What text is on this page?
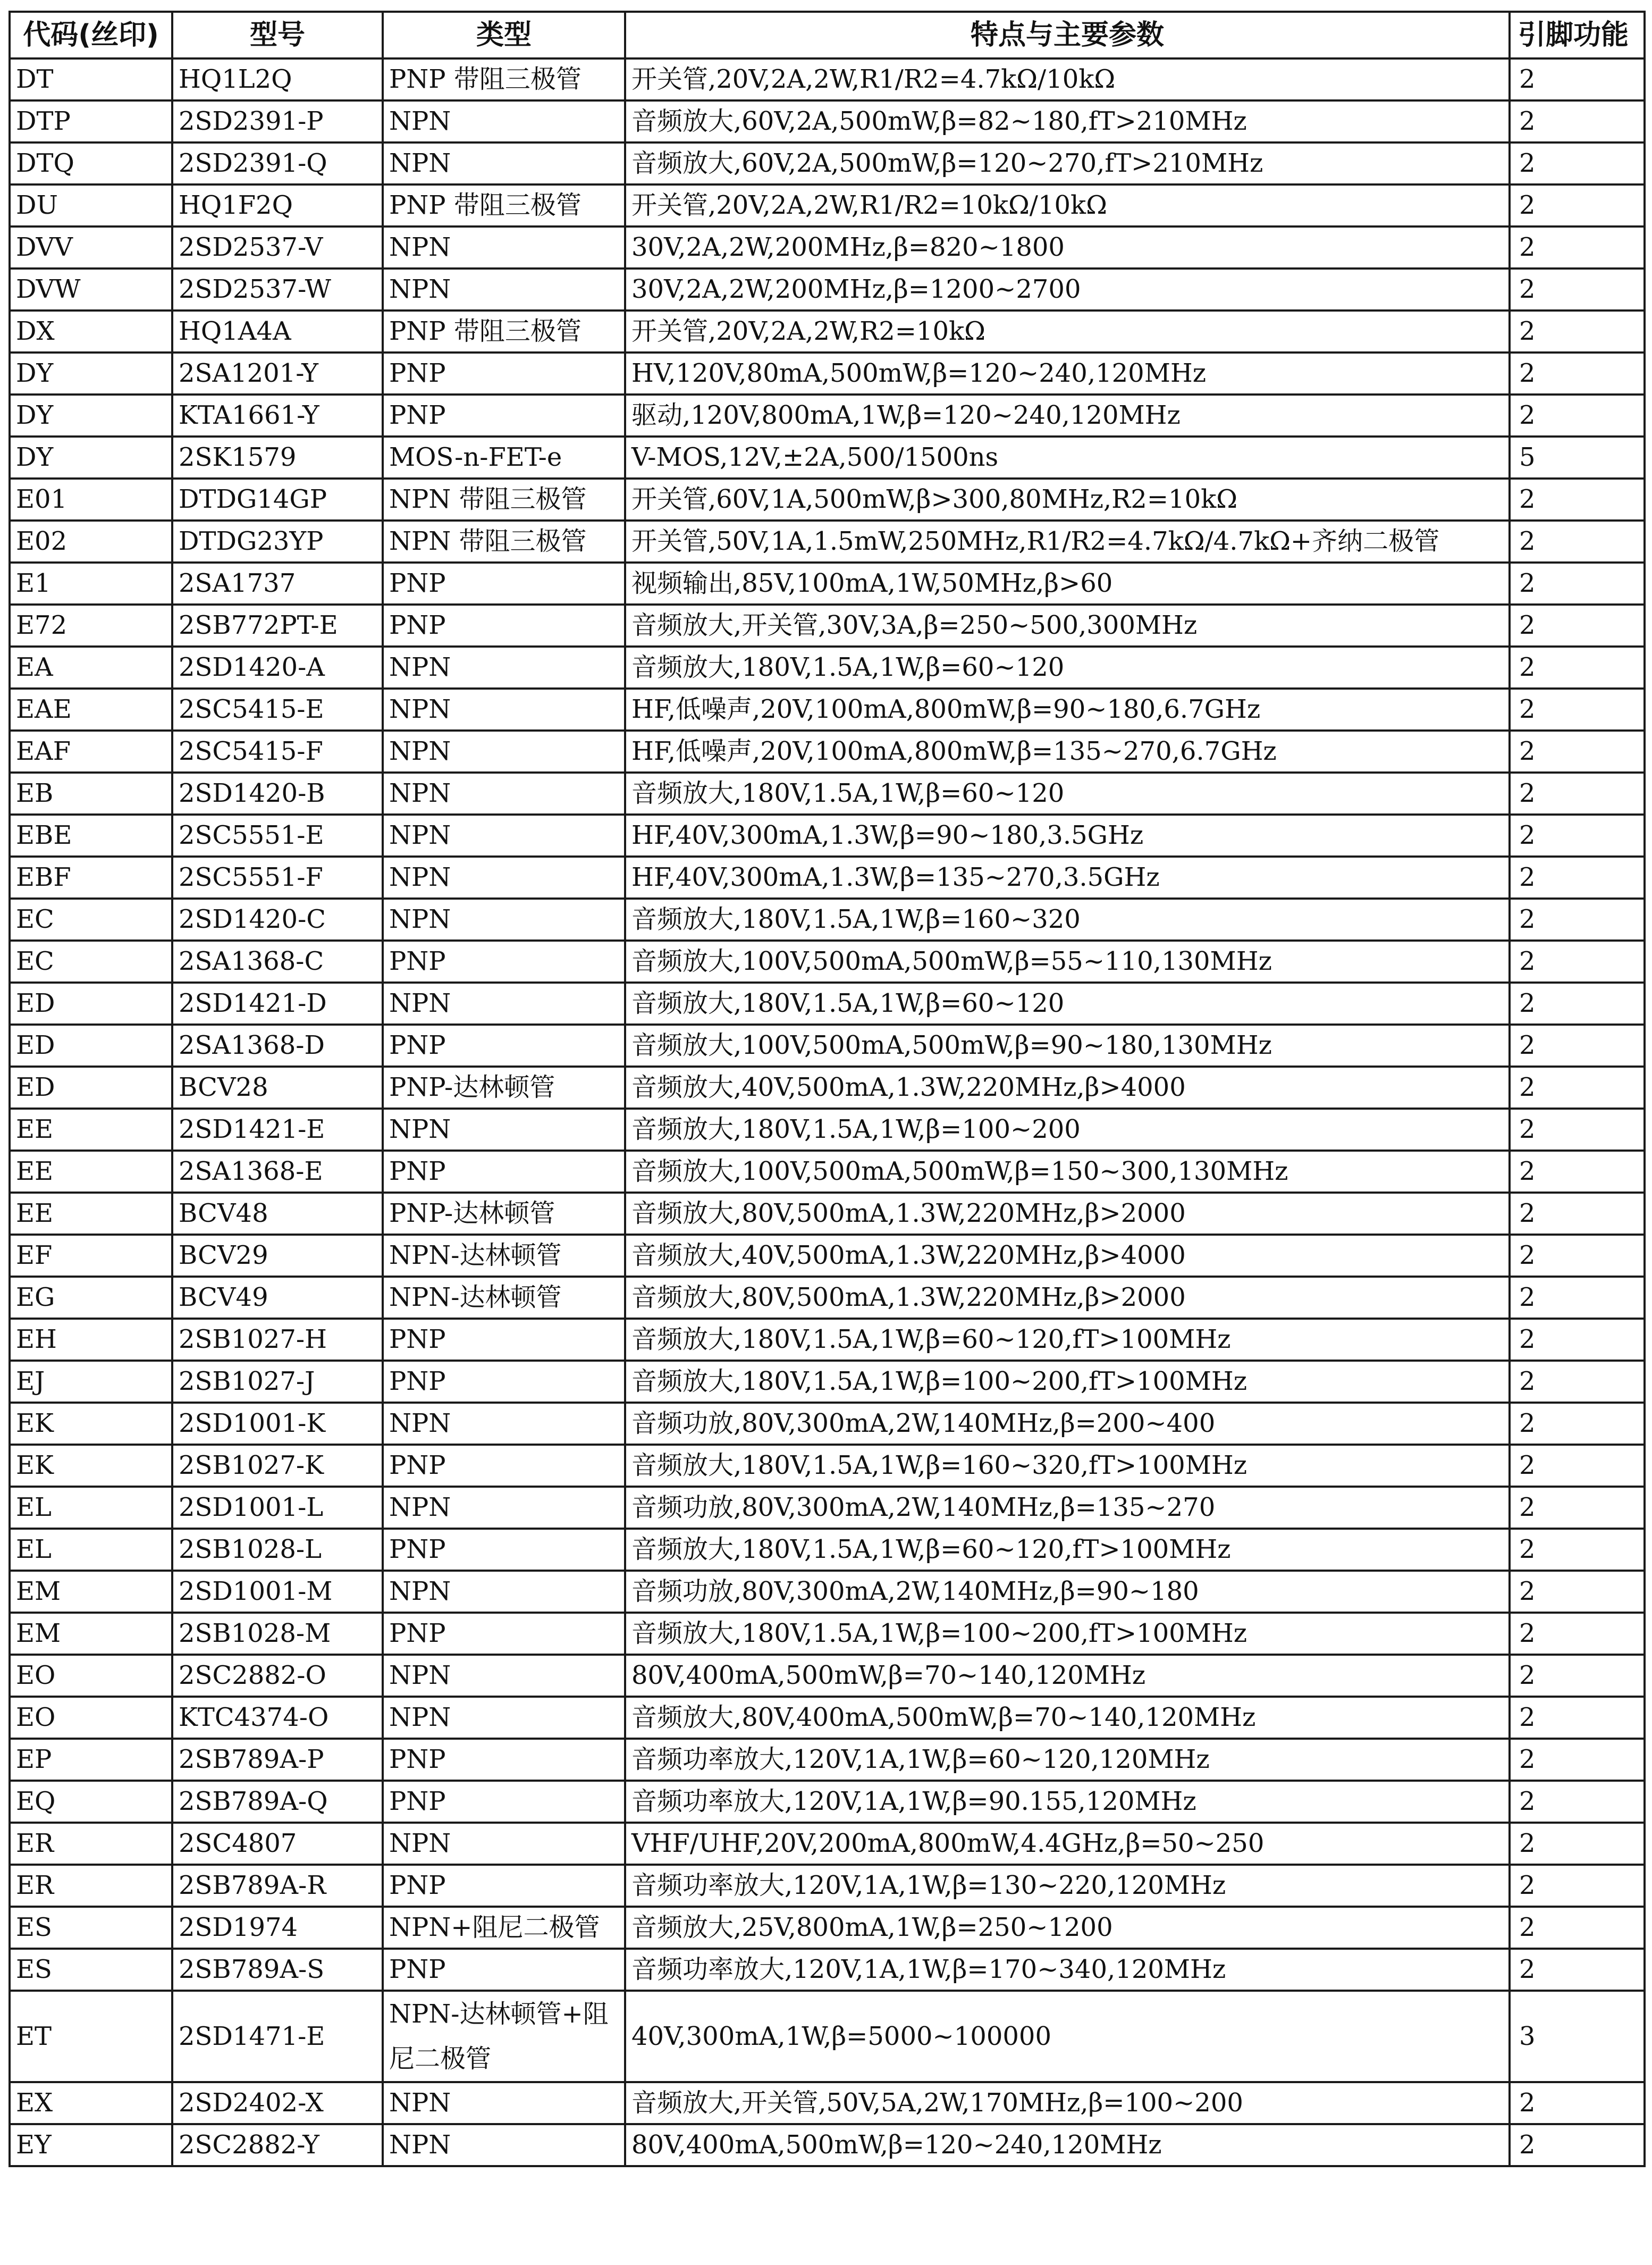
代码(丝印)	型号	类型	特点与主要参数	引脚功能
DT	HQ1L2Q	PNP 带阻三极管	开关管,20V,2A,2W,R1/R2=4.7kΩ/10kΩ	2
DTP	2SD2391-P	NPN	音频放大,60V,2A,500mW,β=82~180,fT>210MHz	2
DTQ	2SD2391-Q	NPN	音频放大,60V,2A,500mW,β=120~270,fT>210MHz	2
DU	HQ1F2Q	PNP 带阻三极管	开关管,20V,2A,2W,R1/R2=10kΩ/10kΩ	2
DVV	2SD2537-V	NPN	30V,2A,2W,200MHz,β=820~1800	2
DVW	2SD2537-W	NPN	30V,2A,2W,200MHz,β=1200~2700	2
DX	HQ1A4A	PNP 带阻三极管	开关管,20V,2A,2W,R2=10kΩ	2
DY	2SA1201-Y	PNP	HV,120V,80mA,500mW,β=120~240,120MHz	2
DY	KTA1661-Y	PNP	驱动,120V,800mA,1W,β=120~240,120MHz	2
DY	2SK1579	MOS-n-FET-e	V-MOS,12V,±2A,500/1500ns	5
E01	DTDG14GP	NPN 带阻三极管	开关管,60V,1A,500mW,β>300,80MHz,R2=10kΩ	2
E02	DTDG23YP	NPN 带阻三极管	开关管,50V,1A,1.5mW,250MHz,R1/R2=4.7kΩ/4.7kΩ+齐纳二极管	2
E1	2SA1737	PNP	视频输出,85V,100mA,1W,50MHz,β>60	2
E72	2SB772PT-E	PNP	音频放大,开关管,30V,3A,β=250~500,300MHz	2
EA	2SD1420-A	NPN	音频放大,180V,1.5A,1W,β=60~120	2
EAE	2SC5415-E	NPN	HF,低噪声,20V,100mA,800mW,β=90~180,6.7GHz	2
EAF	2SC5415-F	NPN	HF,低噪声,20V,100mA,800mW,β=135~270,6.7GHz	2
EB	2SD1420-B	NPN	音频放大,180V,1.5A,1W,β=60~120	2
EBE	2SC5551-E	NPN	HF,40V,300mA,1.3W,β=90~180,3.5GHz	2
EBF	2SC5551-F	NPN	HF,40V,300mA,1.3W,β=135~270,3.5GHz	2
EC	2SD1420-C	NPN	音频放大,180V,1.5A,1W,β=160~320	2
EC	2SA1368-C	PNP	音频放大,100V,500mA,500mW,β=55~110,130MHz	2
ED	2SD1421-D	NPN	音频放大,180V,1.5A,1W,β=60~120	2
ED	2SA1368-D	PNP	音频放大,100V,500mA,500mW,β=90~180,130MHz	2
ED	BCV28	PNP-达林顿管	音频放大,40V,500mA,1.3W,220MHz,β>4000	2
EE	2SD1421-E	NPN	音频放大,180V,1.5A,1W,β=100~200	2
EE	2SA1368-E	PNP	音频放大,100V,500mA,500mW,β=150~300,130MHz	2
EE	BCV48	PNP-达林顿管	音频放大,80V,500mA,1.3W,220MHz,β>2000	2
EF	BCV29	NPN-达林顿管	音频放大,40V,500mA,1.3W,220MHz,β>4000	2
EG	BCV49	NPN-达林顿管	音频放大,80V,500mA,1.3W,220MHz,β>2000	2
EH	2SB1027-H	PNP	音频放大,180V,1.5A,1W,β=60~120,fT>100MHz	2
EJ	2SB1027-J	PNP	音频放大,180V,1.5A,1W,β=100~200,fT>100MHz	2
EK	2SD1001-K	NPN	音频功放,80V,300mA,2W,140MHz,β=200~400	2
EK	2SB1027-K	PNP	音频放大,180V,1.5A,1W,β=160~320,fT>100MHz	2
EL	2SD1001-L	NPN	音频功放,80V,300mA,2W,140MHz,β=135~270	2
EL	2SB1028-L	PNP	音频放大,180V,1.5A,1W,β=60~120,fT>100MHz	2
EM	2SD1001-M	NPN	音频功放,80V,300mA,2W,140MHz,β=90~180	2
EM	2SB1028-M	PNP	音频放大,180V,1.5A,1W,β=100~200,fT>100MHz	2
EO	2SC2882-O	NPN	80V,400mA,500mW,β=70~140,120MHz	2
EO	KTC4374-O	NPN	音频放大,80V,400mA,500mW,β=70~140,120MHz	2
EP	2SB789A-P	PNP	音频功率放大,120V,1A,1W,β=60~120,120MHz	2
EQ	2SB789A-Q	PNP	音频功率放大,120V,1A,1W,β=90.155,120MHz	2
ER	2SC4807	NPN	VHF/UHF,20V,200mA,800mW,4.4GHz,β=50~250	2
ER	2SB789A-R	PNP	音频功率放大,120V,1A,1W,β=130~220,120MHz	2
ES	2SD1974	NPN+阻尼二极管	音频放大,25V,800mA,1W,β=250~1200	2
ES	2SB789A-S	PNP	音频功率放大,120V,1A,1W,β=170~340,120MHz	2
ET	2SD1471-E	NPN-达林顿管+阻尼二极管	40V,300mA,1W,β=5000~100000	3
EX	2SD2402-X	NPN	音频放大,开关管,50V,5A,2W,170MHz,β=100~200	2
EY	2SC2882-Y	NPN	80V,400mA,500mW,β=120~240,120MHz	2
